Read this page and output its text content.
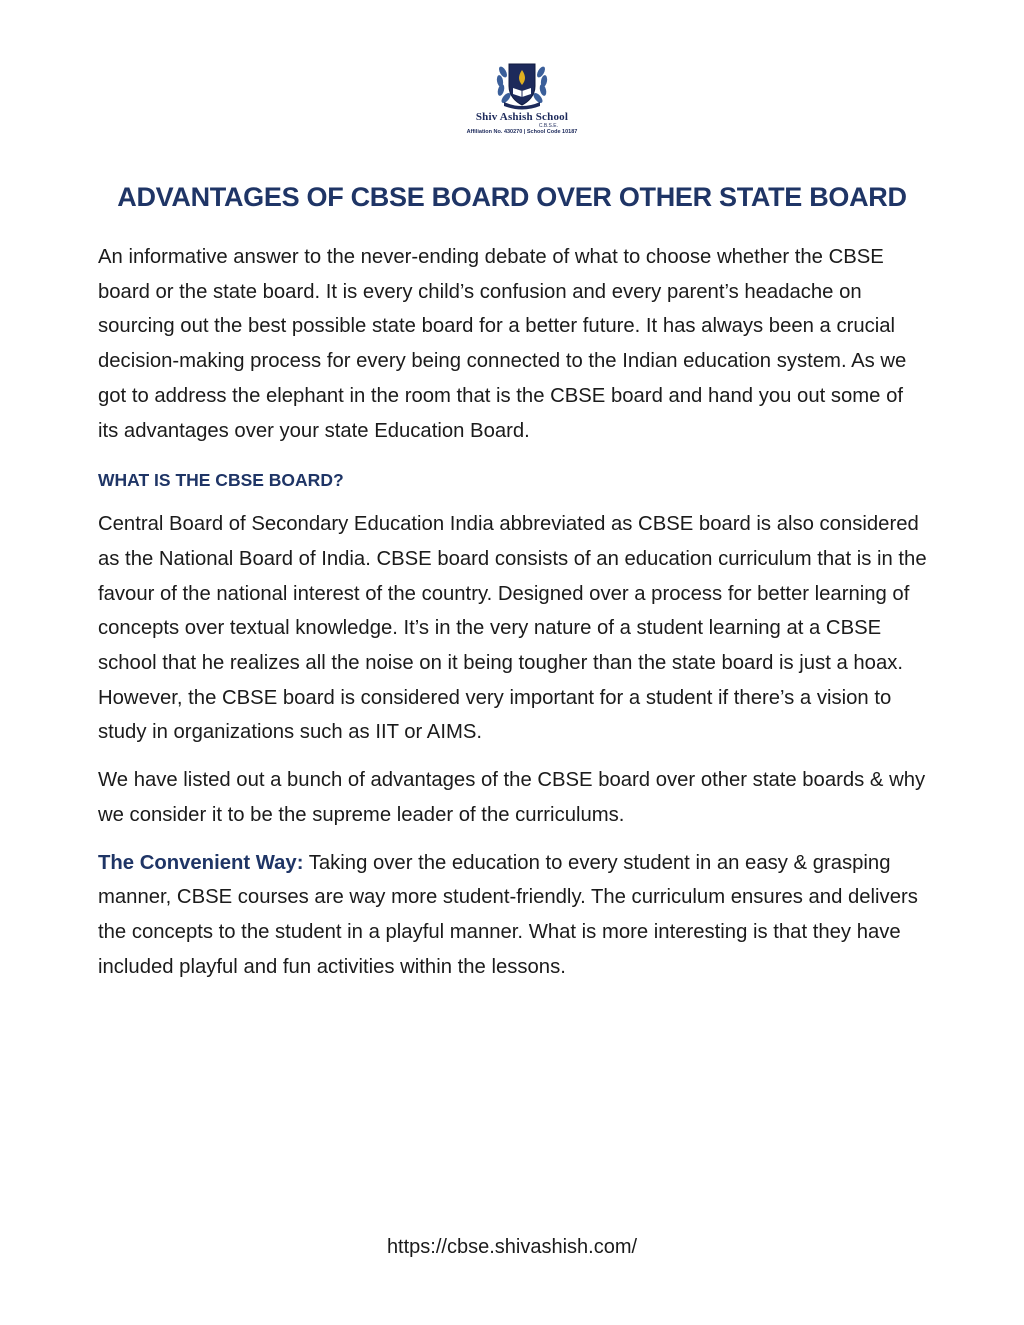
Shiv Ashish School
C.B.S.E.
Affiliation No. 430270 | School Code 10187
ADVANTAGES OF CBSE BOARD OVER OTHER STATE BOARD

An informative answer to the never-ending debate of what to choose whether the CBSE board or the state board. It is every child’s confusion and every parent’s headache on sourcing out the best possible state board for a better future. It has always been a crucial decision-making process for every being connected to the Indian education system. As we got to address the elephant in the room that is the CBSE board and hand you out some of its advantages over your state Education Board.

WHAT IS THE CBSE BOARD?

Central Board of Secondary Education India abbreviated as CBSE board is also considered as the National Board of India. CBSE board consists of an education curriculum that is in the favour of the national interest of the country. Designed over a process for better learning of concepts over textual knowledge. It’s in the very nature of a student learning at a CBSE school that he realizes all the noise on it being tougher than the state board is just a hoax. However, the CBSE board is considered very important for a student if there’s a vision to study in organizations such as IIT or AIMS.

We have listed out a bunch of advantages of the CBSE board over other state boards & why we consider it to be the supreme leader of the curriculums.

The Convenient Way: Taking over the education to every student in an easy & grasping manner, CBSE courses are way more student-friendly. The curriculum ensures and delivers the concepts to the student in a playful manner. What is more interesting is that they have included playful and fun activities within the lessons.

https://cbse.shivashish.com/
